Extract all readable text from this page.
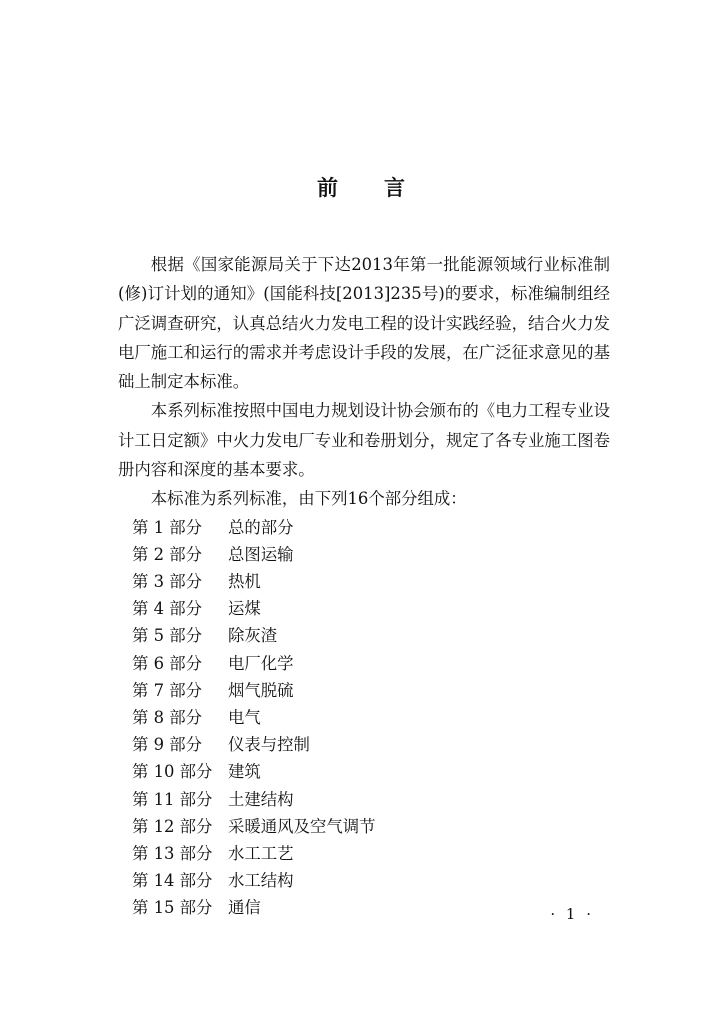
前 言

根据《国家能源局关于下达2013年第一批能源领域行业标准制(修)订计划的通知》(国能科技[2013]235号)的要求，标准编制组经广泛调查研究，认真总结火力发电工程的设计实践经验，结合火力发电厂施工和运行的需求并考虑设计手段的发展，在广泛征求意见的基础上制定本标准。

本系列标准按照中国电力规划设计协会颁布的《电力工程专业设计工日定额》中火力发电厂专业和卷册划分，规定了各专业施工图卷册内容和深度的基本要求。

本标准为系列标准，由下列16个部分组成：

第 1 部分 总的部分
第 2 部分 总图运输
第 3 部分 热机
第 4 部分 运煤
第 5 部分 除灰渣
第 6 部分 电厂化学
第 7 部分 烟气脱硫
第 8 部分 电气
第 9 部分 仪表与控制
第 10 部分 建筑
第 11 部分 土建结构
第 12 部分 采暖通风及空气调节
第 13 部分 水工工艺
第 14 部分 水工结构
第 15 部分 通信	· 1 ·
